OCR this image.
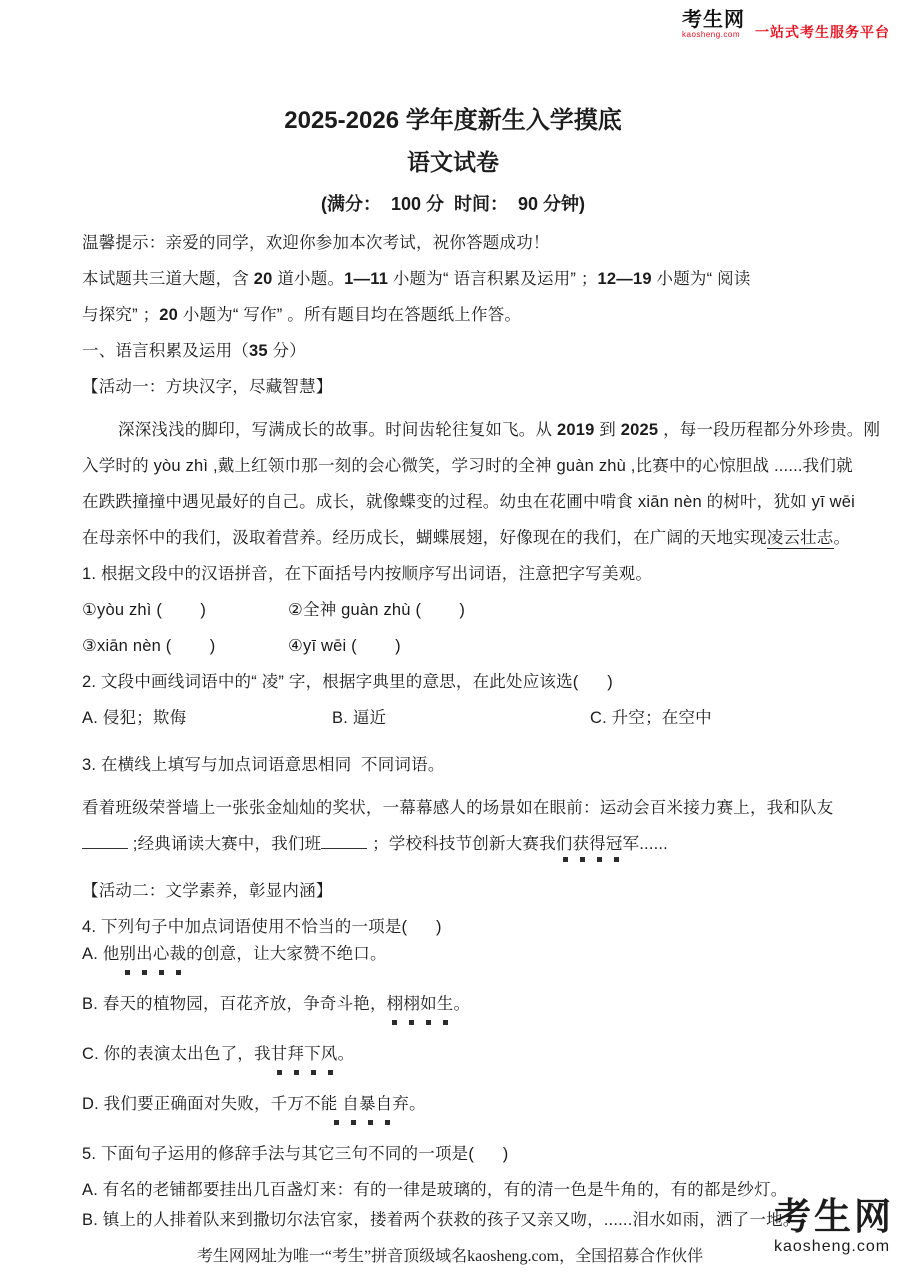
考生网
kaosheng.com	一站式考生服务平台
考生网
kaosheng.com
2025-2026 学年度新生入学摸底
语文试卷
(满分：  100 分  时间：  90 分钟)
温馨提示：亲爱的同学，欢迎你参加本次考试，祝你答题成功！
本试题共三道大题，含 20 道小题。1—11 小题为“ 语言积累及运用” ；12—19 小题为“ 阅读
与探究” ；20 小题为“ 写作” 。所有题目均在答题纸上作答。
一、语言积累及运用（35 分）
【活动一：方块汉字，尽藏智慧】
深深浅浅的脚印，写满成长的故事。时间齿轮往复如飞。从 2019 到 2025 ，每一段历程都分外珍贵。刚
入学时的 yòu zhì ,戴上红领巾那一刻的会心微笑，学习时的全神 guàn zhù ,比赛中的心惊胆战 ......我们就
在跌跌撞撞中遇见最好的自己。成长，就像蝶变的过程。幼虫在花圃中啃食 xiān nèn 的树叶，犹如 yī wēi
在母亲怀中的我们，汲取着营养。经历成长，蝴蝶展翅，好像现在的我们，在广阔的天地实现凌云壮志。
1. 根据文段中的汉语拼音，在下面括号内按顺序写出词语，注意把字写美观。
①yòu zhì (        )	②全神 guàn zhù (        )
③xiān nèn (        )	④yī wēi (        )
2. 文段中画线词语中的“ 凌” 字，根据字典里的意思，在此处应该选(      )
A. 侵犯；欺侮	B. 逼近	C. 升空；在空中
3. 在横线上填写与加点词语意思相同  不同词语。
看着班级荣誉墙上一张张金灿灿的奖状，一幕幕感人的场景如在眼前：运动会百米接力赛上，我和队友
;经典诵读大赛中，我们班	；学校科技节创新大赛我们获得冠军......
【活动二：文学素养，彰显内涵】
4. 下列句子中加点词语使用不恰当的一项是(      )
A. 他别出心裁的创意，让大家赞不绝口。
B. 春天的植物园，百花齐放，争奇斗艳，栩栩如生。
C. 你的表演太出色了，我甘拜下风。
D. 我们要正确面对失败，千万不能 自暴自弃。
5. 下面句子运用的修辞手法与其它三句不同的一项是(      )
A. 有名的老铺都要挂出几百盏灯来：有的一律是玻璃的，有的清一色是牛角的，有的都是纱灯。
B. 镇上的人排着队来到撒切尔法官家，搂着两个获救的孩子又亲又吻，......泪水如雨，洒了一地。
考生网网址为唯一“考生”拼音顶级域名kaosheng.com，全国招募合作伙伴
